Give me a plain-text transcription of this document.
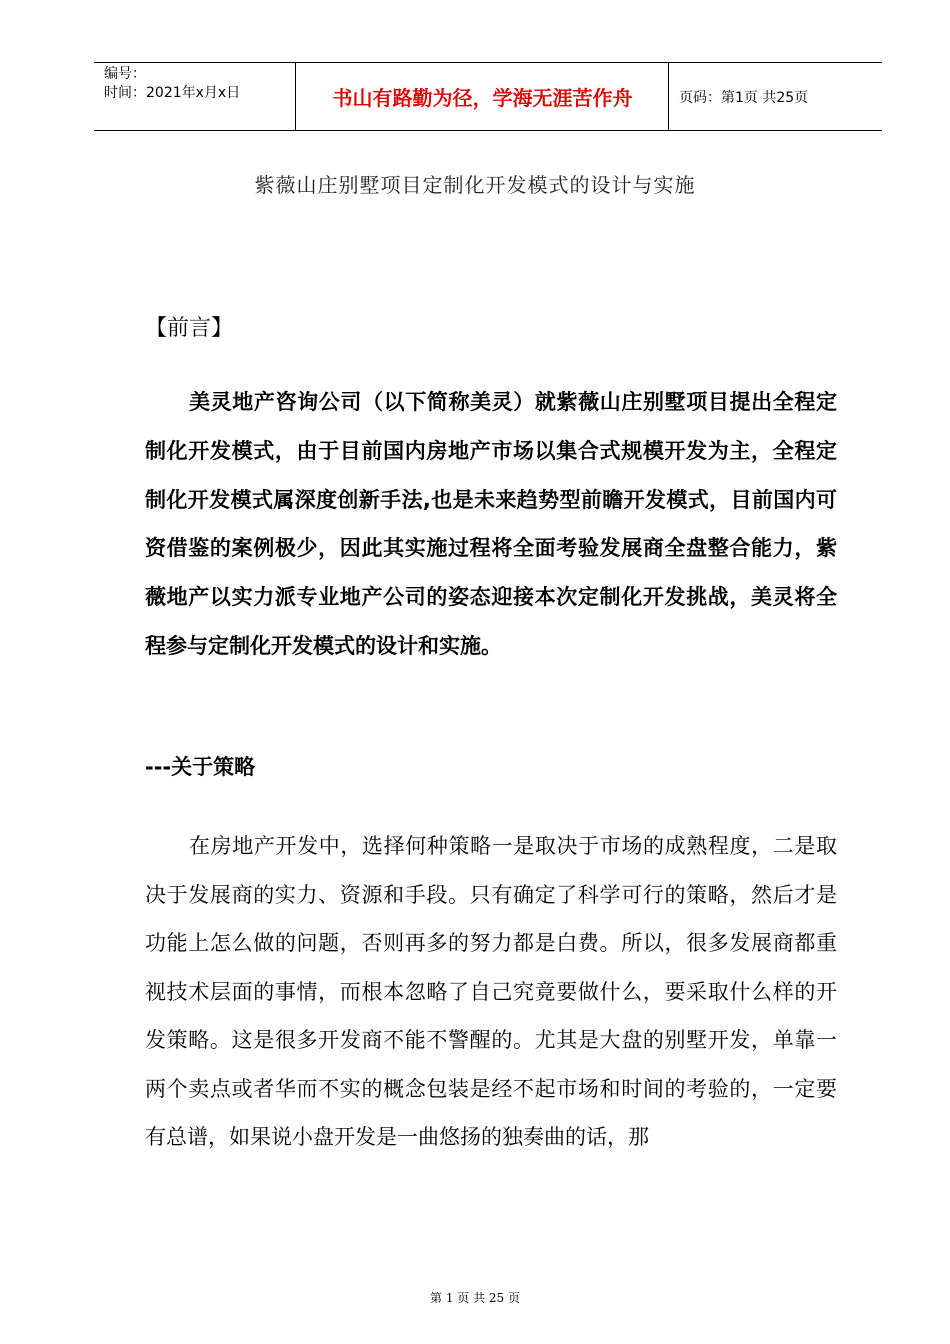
编号：
时间：2021年x月x日	书山有路勤为径，学海无涯苦作舟	页码：第1页 共25页
紫薇山庄别墅项目定制化开发模式的设计与实施
【前言】
美灵地产咨询公司（以下简称美灵）就紫薇山庄别墅项目提出全程定制化开发模式，由于目前国内房地产市场以集合式规模开发为主，全程定制化开发模式属深度创新手法,也是未来趋势型前瞻开发模式，目前国内可资借鉴的案例极少，因此其实施过程将全面考验发展商全盘整合能力，紫薇地产以实力派专业地产公司的姿态迎接本次定制化开发挑战，美灵将全程参与定制化开发模式的设计和实施。
---关于策略
在房地产开发中，选择何种策略一是取决于市场的成熟程度，二是取决于发展商的实力、资源和手段。只有确定了科学可行的策略，然后才是功能上怎么做的问题，否则再多的努力都是白费。所以，很多发展商都重视技术层面的事情，而根本忽略了自己究竟要做什么，要采取什么样的开发策略。这是很多开发商不能不警醒的。尤其是大盘的别墅开发，单靠一两个卖点或者华而不实的概念包装是经不起市场和时间的考验的，一定要有总谱，如果说小盘开发是一曲悠扬的独奏曲的话，那
第 1 页 共 25 页
